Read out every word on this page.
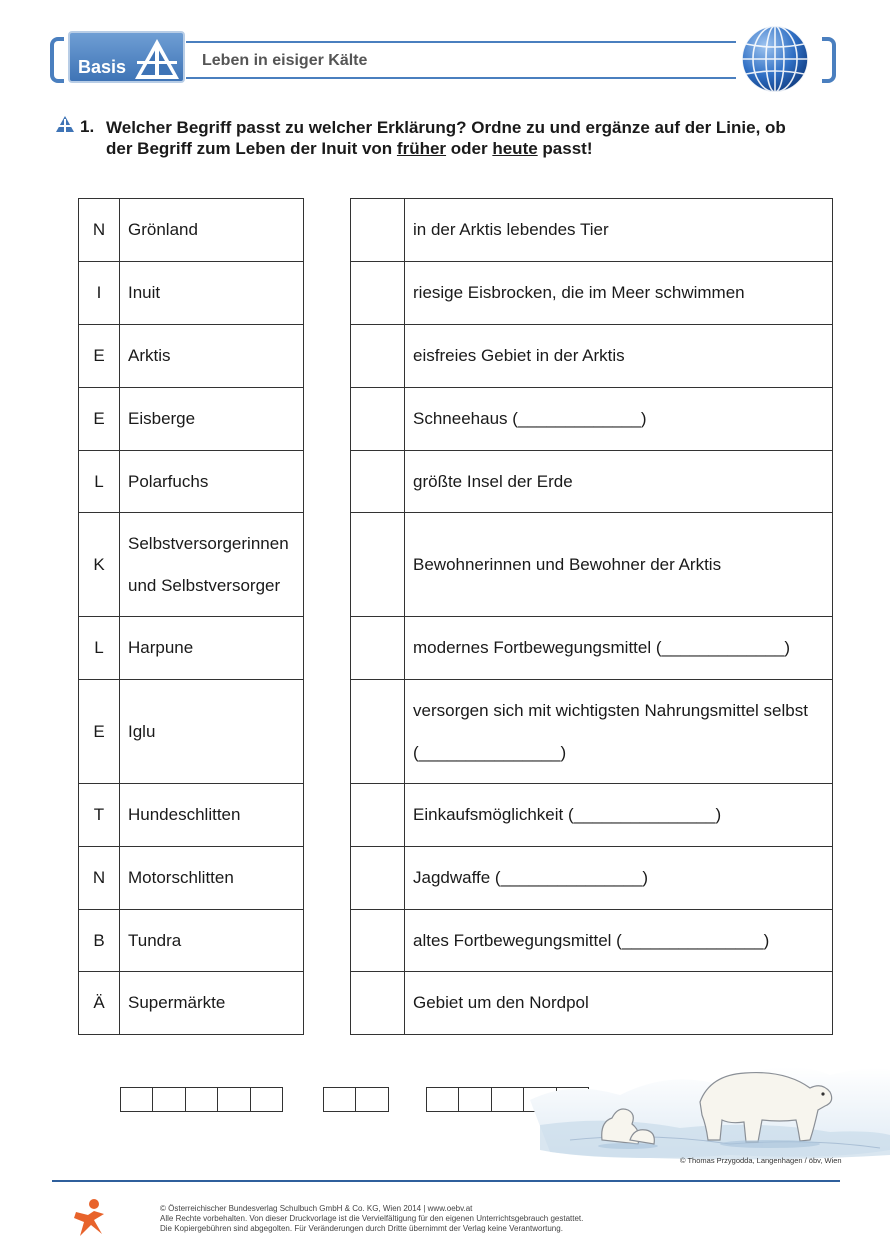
Basis	Leben in eisiger Kälte
1. Welcher Begriff passt zu welcher Erklärung? Ordne zu und ergänze auf der Linie, ob der Begriff zum Leben der Inuit von früher oder heute passt!
N	Grönland
I	Inuit
E	Arktis
E	Eisberge
L	Polarfuchs
K	Selbstversorgerinnen und Selbstversorger
L	Harpune
E	Iglu
T	Hundeschlitten
N	Motorschlitten
B	Tundra
Ä	Supermärkte
	in der Arktis lebendes Tier
	riesige Eisbrocken, die im Meer schwimmen
	eisfreies Gebiet in der Arktis
	Schneehaus (_____________)
	größte Insel der Erde
	Bewohnerinnen und Bewohner der Arktis
	modernes Fortbewegungsmittel (_____________)
	versorgen sich mit wichtigsten Nahrungsmittel selbst (_______________)
	Einkaufsmöglichkeit (_______________)
	Jagdwaffe (_______________)
	altes Fortbewegungsmittel (_______________)
	Gebiet um den Nordpol
© Thomas Przygodda, Langenhagen / öbv, Wien
© Österreichischer Bundesverlag Schulbuch GmbH & Co. KG, Wien 2014 | www.oebv.at
Alle Rechte vorbehalten. Von dieser Druckvorlage ist die Vervielfältigung für den eigenen Unterrichtsgebrauch gestattet.
Die Kopiergebühren sind abgegolten. Für Veränderungen durch Dritte übernimmt der Verlag keine Verantwortung.
